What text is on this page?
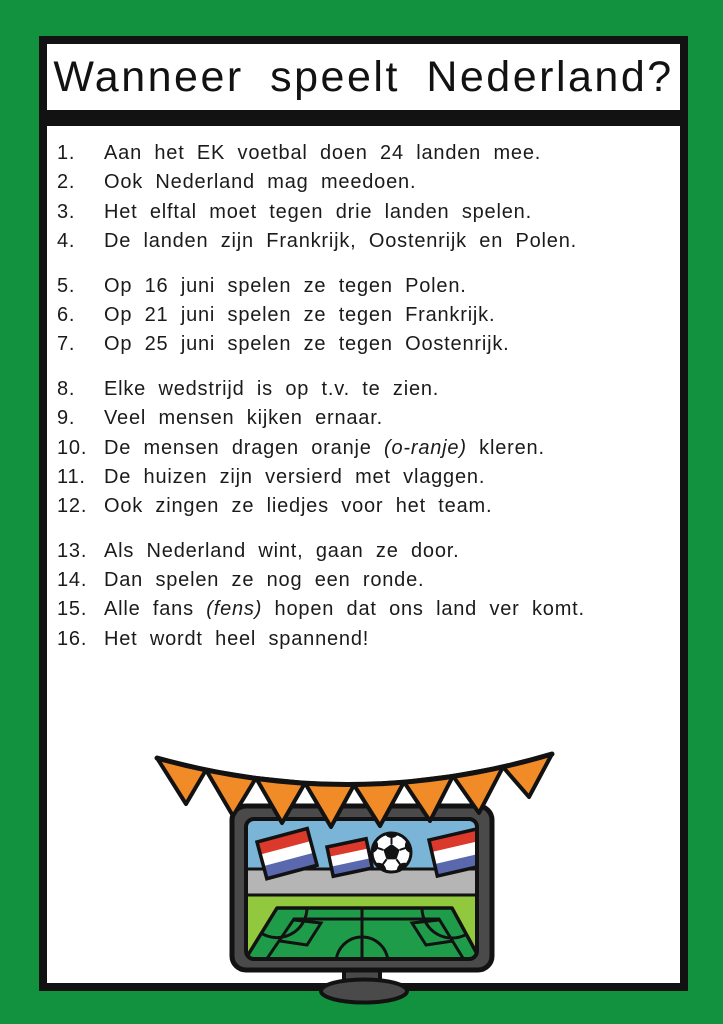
Wanneer speelt Nederland?
1.	Aan het EK voetbal doen 24 landen mee.
2.	Ook Nederland mag meedoen.
3.	Het elftal moet tegen drie landen spelen.
4.	De landen zijn Frankrijk, Oostenrijk en Polen.
5.	Op 16 juni spelen ze tegen Polen.
6.	Op 21 juni spelen ze tegen Frankrijk.
7.	Op 25 juni spelen ze tegen Oostenrijk.
8.	Elke wedstrijd is op t.v. te zien.
9.	Veel mensen kijken ernaar.
10. De mensen dragen oranje (o-ranje) kleren.
11. De huizen zijn versierd met vlaggen.
12. Ook zingen ze liedjes voor het team.
13. Als Nederland wint, gaan ze door.
14. Dan spelen ze nog een ronde.
15. Alle fans (fens) hopen dat ons land ver komt.
16. Het wordt heel spannend!
